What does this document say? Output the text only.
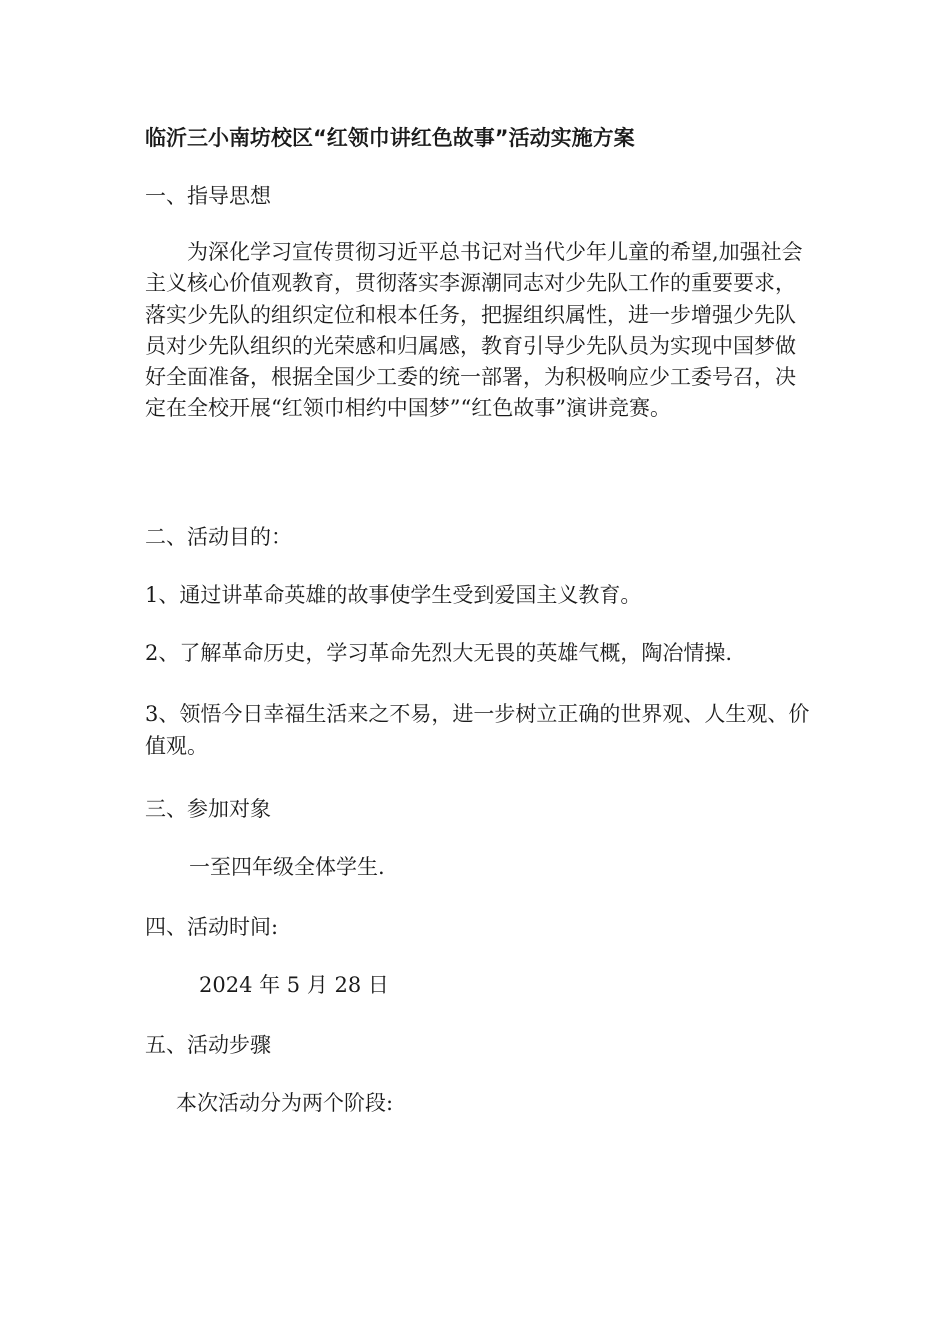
临沂三小南坊校区“红领巾讲红色故事”活动实施方案
一、指导思想

为深化学习宣传贯彻习近平总书记对当代少年儿童的希望,加强社会主义核心价值观教育，贯彻落实李源潮同志对少先队工作的重要要求，落实少先队的组织定位和根本任务，把握组织属性，进一步增强少先队员对少先队组织的光荣感和归属感，教育引导少先队员为实现中国梦做好全面准备，根据全国少工委的统一部署，为积极响应少工委号召，决定在全校开展“红领巾相约中国梦”“红色故事”演讲竞赛。

二、活动目的：
1、通过讲革命英雄的故事使学生受到爱国主义教育。
2、了解革命历史，学习革命先烈大无畏的英雄气概，陶冶情操.

3、领悟今日幸福生活来之不易，进一步树立正确的世界观、人生观、价值观。

三、参加对象
一至四年级全体学生.
四、活动时间:
2024 年 5 月 28 日
五、活动步骤
本次活动分为两个阶段:
